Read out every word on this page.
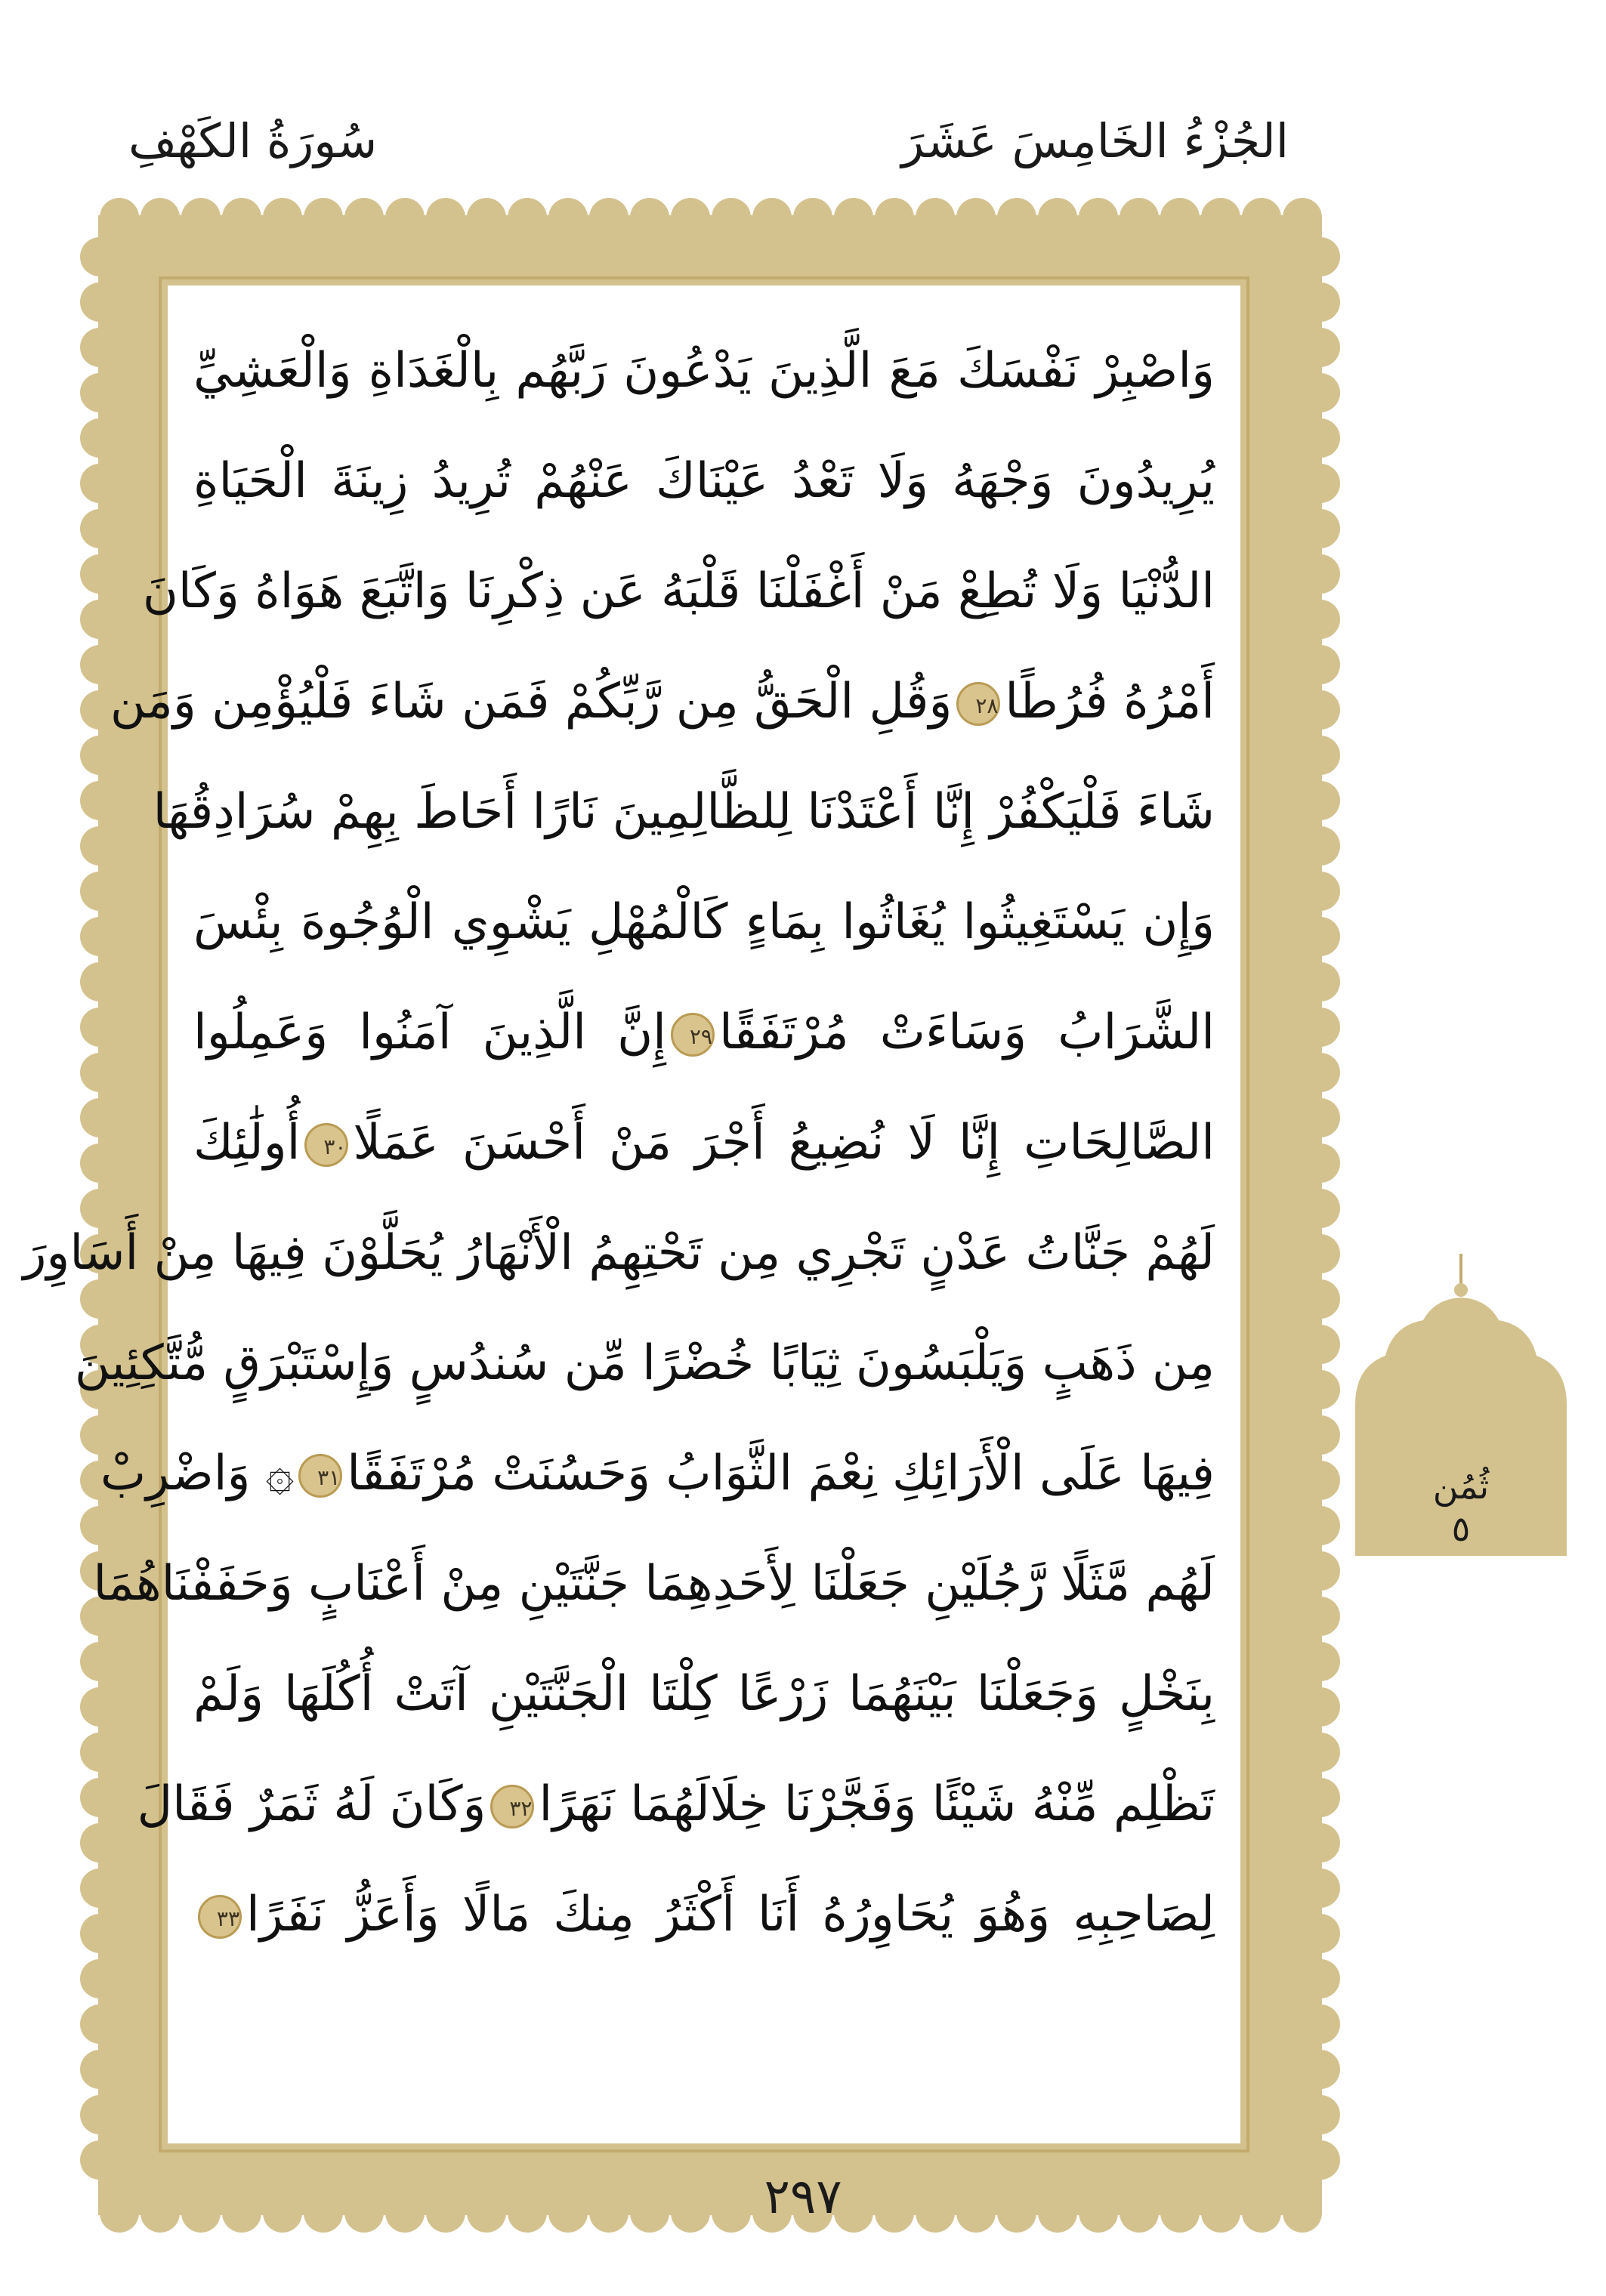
الجُزْءُ الخَامِسَ عَشَرَ
سُورَةُ الكَهْفِ
وَاصْبِرْ نَفْسَكَ مَعَ الَّذِينَ يَدْعُونَ رَبَّهُم بِالْغَدَاةِ وَالْعَشِيِّ
يُرِيدُونَ وَجْهَهُ وَلَا تَعْدُ عَيْنَاكَ عَنْهُمْ تُرِيدُ زِينَةَ الْحَيَاةِ
الدُّنْيَا وَلَا تُطِعْ مَنْ أَغْفَلْنَا قَلْبَهُ عَن ذِكْرِنَا وَاتَّبَعَ هَوَاهُ وَكَانَ
أَمْرُهُ فُرُطًا٢٨وَقُلِ الْحَقُّ مِن رَّبِّكُمْ فَمَن شَاءَ فَلْيُؤْمِن وَمَن
شَاءَ فَلْيَكْفُرْ إِنَّا أَعْتَدْنَا لِلظَّالِمِينَ نَارًا أَحَاطَ بِهِمْ سُرَادِقُهَا
وَإِن يَسْتَغِيثُوا يُغَاثُوا بِمَاءٍ كَالْمُهْلِ يَشْوِي الْوُجُوهَ بِئْسَ
الشَّرَابُ وَسَاءَتْ مُرْتَفَقًا٢٩إِنَّ الَّذِينَ آمَنُوا وَعَمِلُوا
الصَّالِحَاتِ إِنَّا لَا نُضِيعُ أَجْرَ مَنْ أَحْسَنَ عَمَلًا٣٠أُولَٰئِكَ
لَهُمْ جَنَّاتُ عَدْنٍ تَجْرِي مِن تَحْتِهِمُ الْأَنْهَارُ يُحَلَّوْنَ فِيهَا مِنْ أَسَاوِرَ
مِن ذَهَبٍ وَيَلْبَسُونَ ثِيَابًا خُضْرًا مِّن سُندُسٍ وَإِسْتَبْرَقٍ مُّتَّكِئِينَ
فِيهَا عَلَى الْأَرَائِكِ نِعْمَ الثَّوَابُ وَحَسُنَتْ مُرْتَفَقًا٣١۞ وَاضْرِبْ
لَهُم مَّثَلًا رَّجُلَيْنِ جَعَلْنَا لِأَحَدِهِمَا جَنَّتَيْنِ مِنْ أَعْنَابٍ وَحَفَفْنَاهُمَا
بِنَخْلٍ وَجَعَلْنَا بَيْنَهُمَا زَرْعًا كِلْتَا الْجَنَّتَيْنِ آتَتْ أُكُلَهَا وَلَمْ
تَظْلِم مِّنْهُ شَيْئًا وَفَجَّرْنَا خِلَالَهُمَا نَهَرًا٣٢وَكَانَ لَهُ ثَمَرٌ فَقَالَ
لِصَاحِبِهِ وَهُوَ يُحَاوِرُهُ أَنَا أَكْثَرُ مِنكَ مَالًا وَأَعَزُّ نَفَرًا٣٣
ثُمُن
٥
٢٩٧
